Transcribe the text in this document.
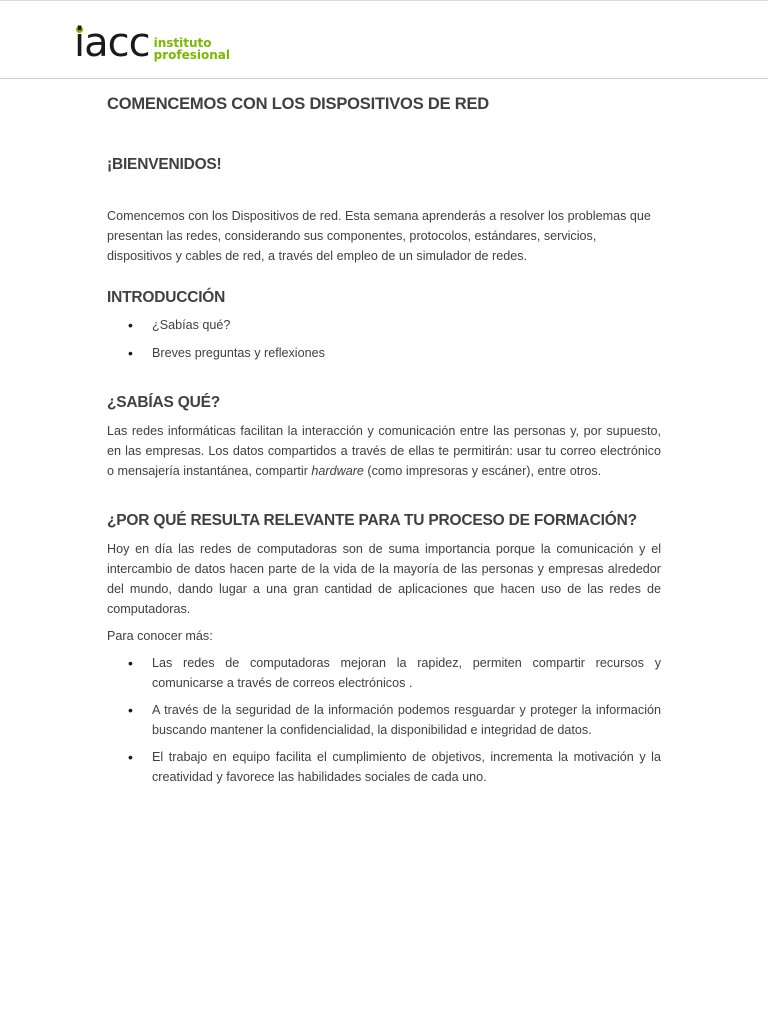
iacc instituto
profesional
COMENCEMOS CON LOS DISPOSITIVOS DE RED
¡BIENVENIDOS!

Comencemos con los Dispositivos de red. Esta semana aprenderás a resolver los problemas que presentan las redes, considerando sus componentes, protocolos, estándares, servicios, dispositivos y cables de red, a través del empleo de un simulador de redes.

INTRODUCCIÓN
• ¿Sabías qué?
• Breves preguntas y reflexiones
¿SABÍAS QUÉ?

Las redes informáticas facilitan la interacción y comunicación entre las personas y, por supuesto, en las empresas. Los datos compartidos a través de ellas te permitirán: usar tu correo electrónico o mensajería instantánea, compartir hardware (como impresoras y escáner), entre otros.

¿POR QUÉ RESULTA RELEVANTE PARA TU PROCESO DE FORMACIÓN?

Hoy en día las redes de computadoras son de suma importancia porque la comunicación y el intercambio de datos hacen parte de la vida de la mayoría de las personas y empresas alrededor del mundo, dando lugar a una gran cantidad de aplicaciones que hacen uso de las redes de computadoras.

Para conocer más:

• Las redes de computadoras mejoran la rapidez, permiten compartir recursos y comunicarse a través de correos electrónicos .
• A través de la seguridad de la información podemos resguardar y proteger la información buscando mantener la confidencialidad, la disponibilidad e integridad de datos.
• El trabajo en equipo facilita el cumplimiento de objetivos, incrementa la motivación y la creatividad y favorece las habilidades sociales de cada uno.
